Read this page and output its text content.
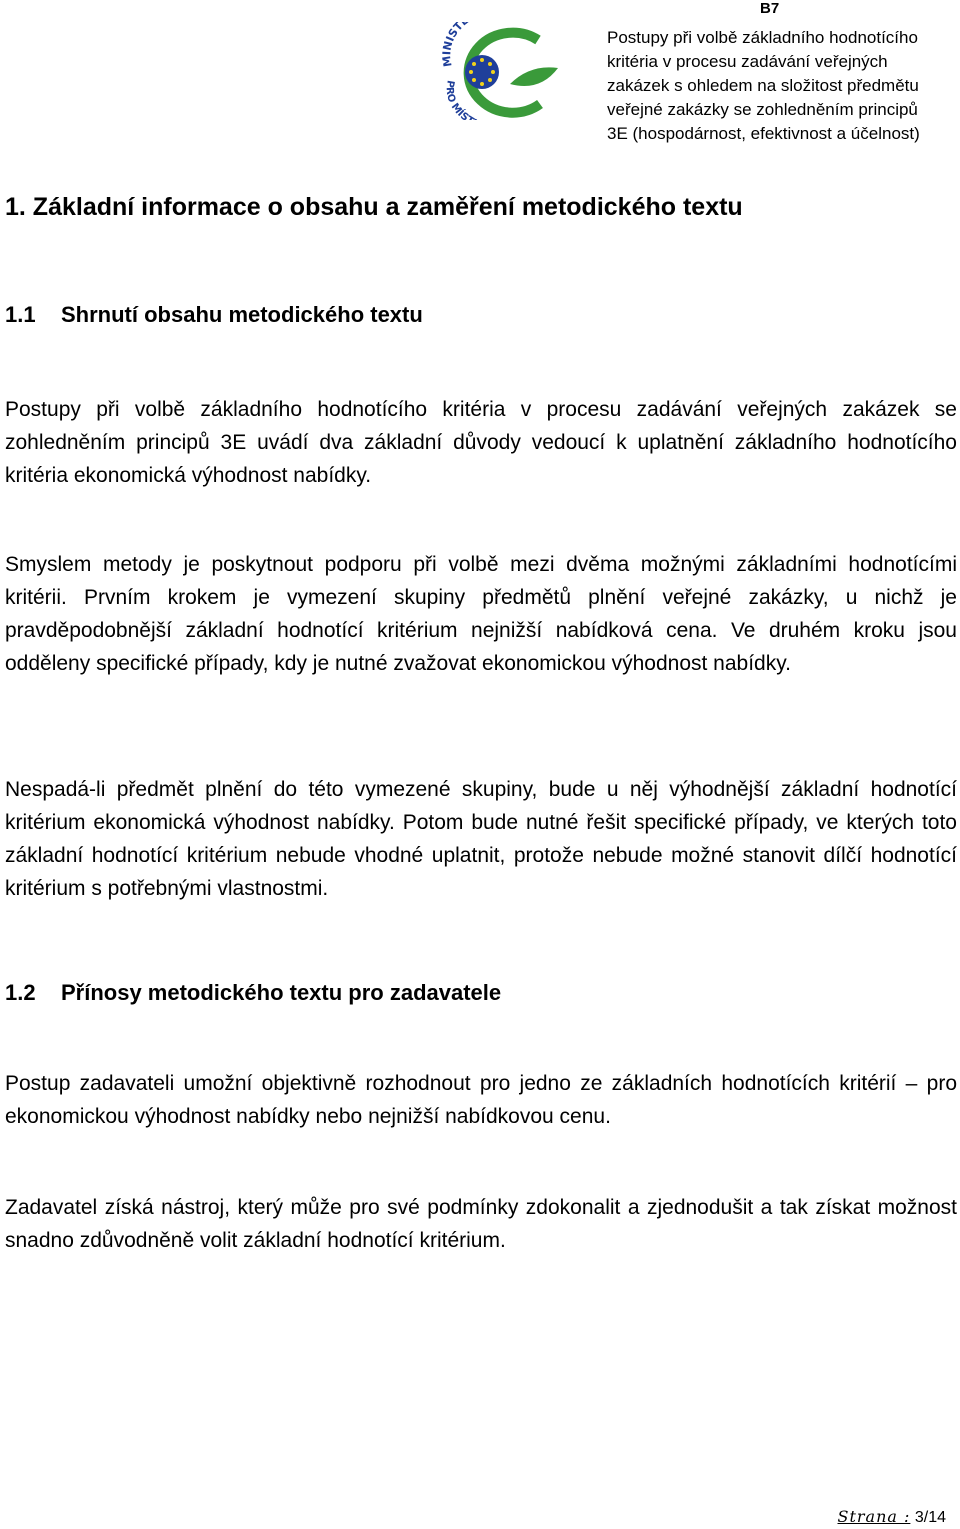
B7
MINIST
PRO MÍS
Postupy při volbě základního hodnotícího
kritéria v procesu zadávání veřejných
zakázek s ohledem na složitost předmětu
veřejné zakázky se zohledněním principů
3E (hospodárnost, efektivnost a účelnost)
1. Základní informace o obsahu a zaměření metodického textu
1.1 Shrnutí obsahu metodického textu
Postupy při volbě základního hodnotícího kritéria v procesu zadávání veřejných zakázek se zohledněním principů 3E uvádí dva základní důvody vedoucí k uplatnění základního hodnotícího kritéria ekonomická výhodnost nabídky.
Smyslem metody je poskytnout podporu při volbě mezi dvěma možnými základními hodnotícími kritérii. Prvním krokem je vymezení skupiny předmětů plnění veřejné zakázky, u nichž je pravděpodobnější základní hodnotící kritérium nejnižší nabídková cena. Ve druhém kroku jsou odděleny specifické případy, kdy je nutné zvažovat ekonomickou výhodnost nabídky.
Nespadá-li předmět plnění do této vymezené skupiny, bude u něj výhodnější základní hodnotící kritérium ekonomická výhodnost nabídky. Potom bude nutné řešit specifické případy, ve kterých toto základní hodnotící kritérium nebude vhodné uplatnit, protože nebude možné stanovit dílčí hodnotící kritérium s potřebnými vlastnostmi.
1.2 Přínosy metodického textu pro zadavatele
Postup zadavateli umožní objektivně rozhodnout pro jedno ze základních hodnotících kritérií – pro ekonomickou výhodnost nabídky nebo nejnižší nabídkovou cenu.
Zadavatel získá nástroj, který může pro své podmínky zdokonalit a zjednodušit a tak získat možnost snadno zdůvodněně volit základní hodnotící kritérium.
Strana : 3/14
